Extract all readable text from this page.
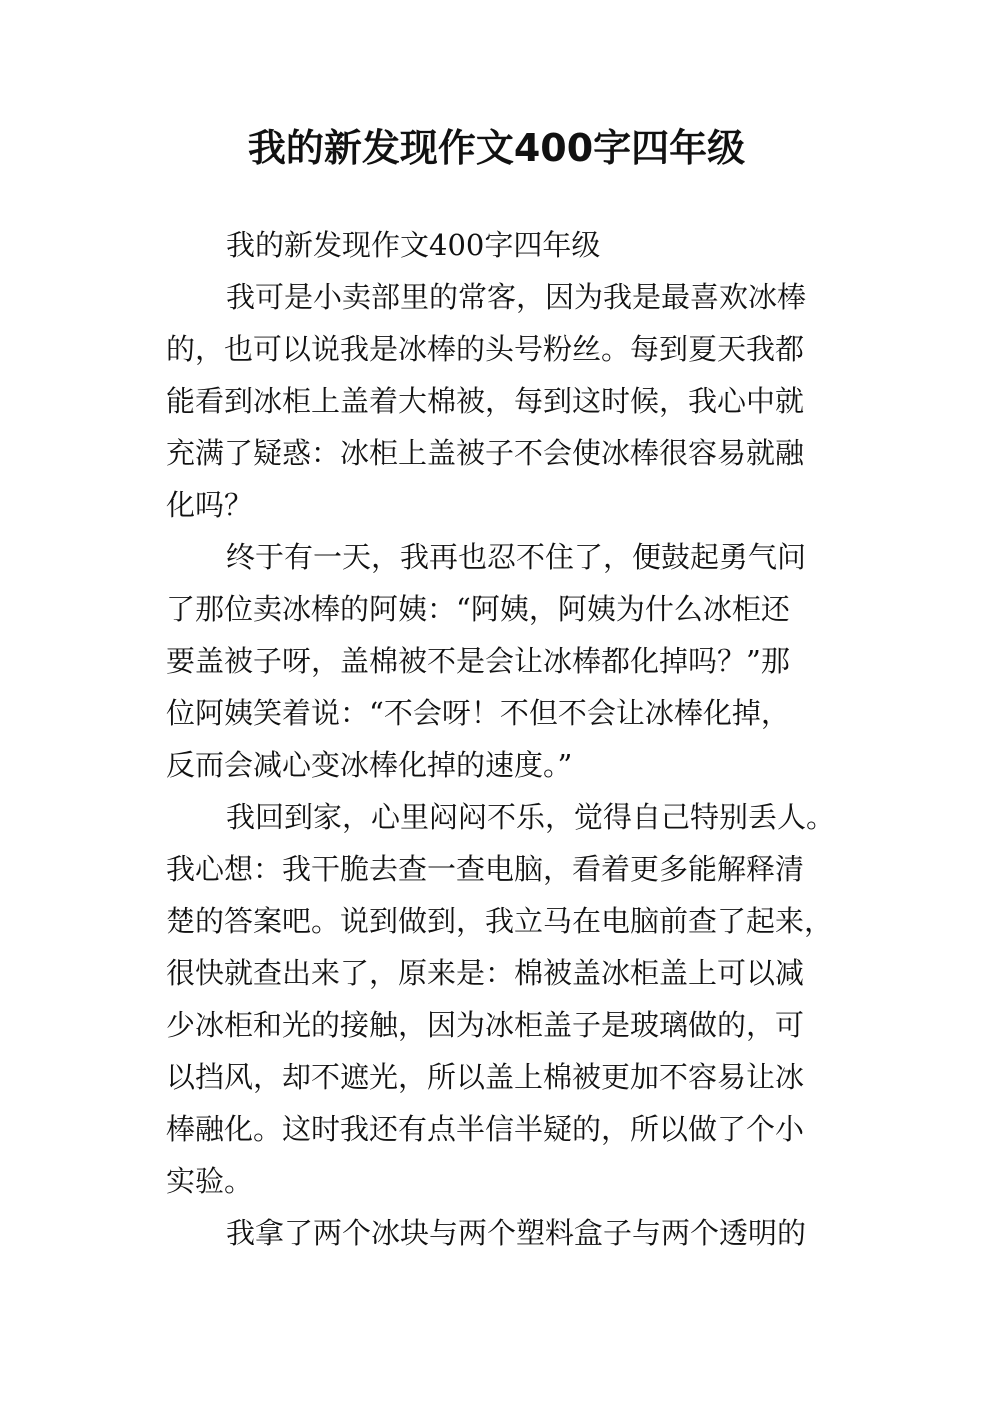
我的新发现作文400字四年级
我的新发现作文400字四年级
我可是小卖部里的常客，因为我是最喜欢冰棒
的，也可以说我是冰棒的头号粉丝。每到夏天我都
能看到冰柜上盖着大棉被，每到这时候，我心中就
充满了疑惑：冰柜上盖被子不会使冰棒很容易就融
化吗？
终于有一天，我再也忍不住了，便鼓起勇气问
了那位卖冰棒的阿姨：“阿姨，阿姨为什么冰柜还
要盖被子呀，盖棉被不是会让冰棒都化掉吗？”那
位阿姨笑着说：“不会呀！不但不会让冰棒化掉，
反而会减心变冰棒化掉的速度。”
我回到家，心里闷闷不乐，觉得自己特别丢人。
我心想：我干脆去查一查电脑，看着更多能解释清
楚的答案吧。说到做到，我立马在电脑前查了起来，
很快就查出来了，原来是：棉被盖冰柜盖上可以减
少冰柜和光的接触，因为冰柜盖子是玻璃做的，可
以挡风，却不遮光，所以盖上棉被更加不容易让冰
棒融化。这时我还有点半信半疑的，所以做了个小
实验。
我拿了两个冰块与两个塑料盒子与两个透明的
